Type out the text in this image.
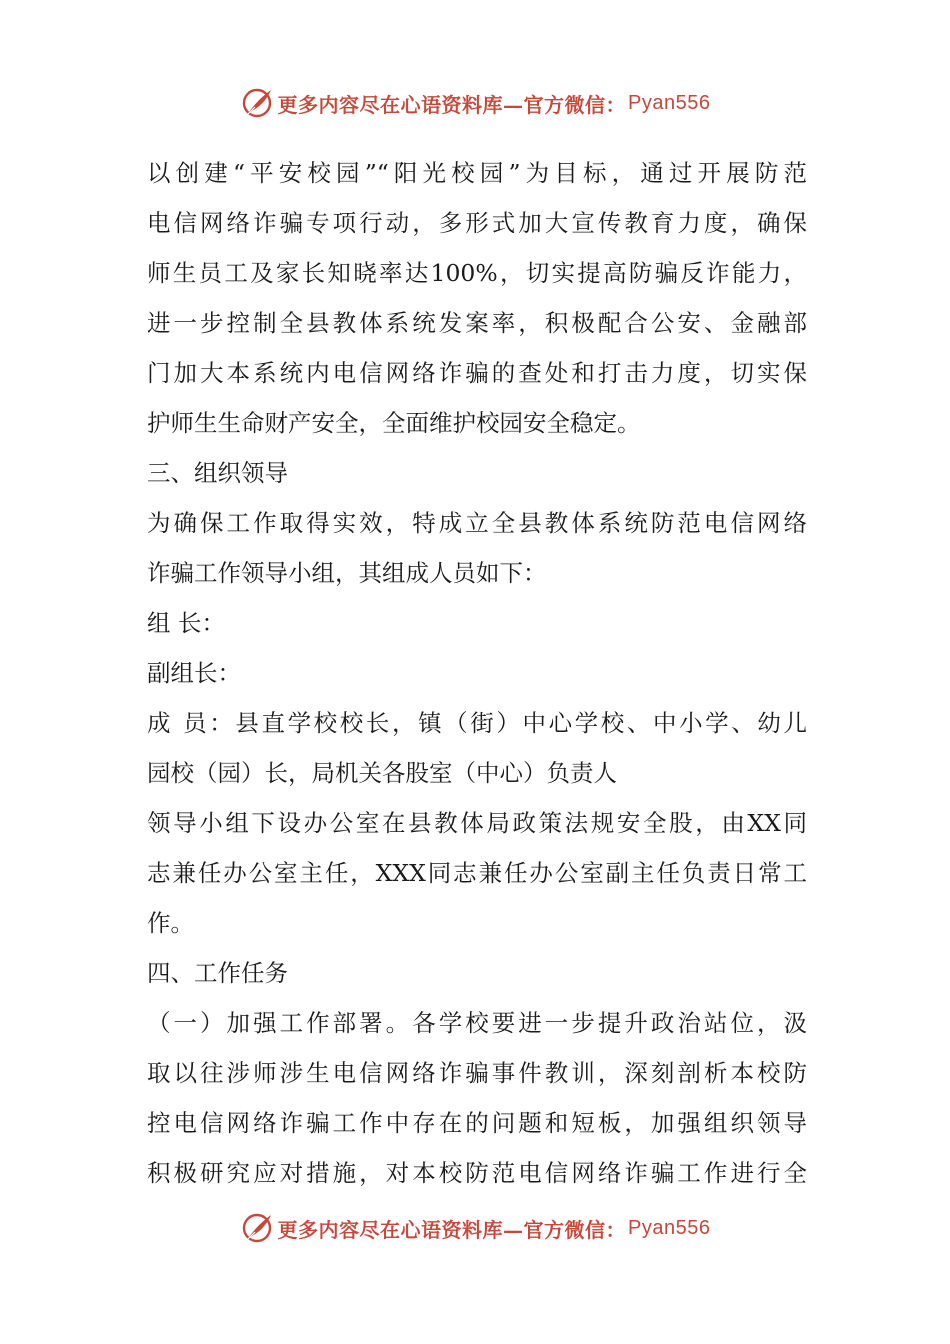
更多内容尽在心语资料库—官方微信： Pyan556
以创建“平安校园”“阳光校园”为目标，通过开展防范
电信网络诈骗专项行动，多形式加大宣传教育力度，确保
师生员工及家长知晓率达100%，切实提高防骗反诈能力，
进一步控制全县教体系统发案率，积极配合公安、金融部
门加大本系统内电信网络诈骗的查处和打击力度，切实保
护师生生命财产安全，全面维护校园安全稳定。
三、组织领导
为确保工作取得实效，特成立全县教体系统防范电信网络
诈骗工作领导小组，其组成人员如下：
组 长：
副组长：
成 员：县直学校校长，镇（街）中心学校、中小学、幼儿
园校（园）长，局机关各股室（中心）负责人
领导小组下设办公室在县教体局政策法规安全股，由XX同
志兼任办公室主任，XXX同志兼任办公室副主任负责日常工
作。
四、工作任务
（一）加强工作部署。各学校要进一步提升政治站位，汲
取以往涉师涉生电信网络诈骗事件教训，深刻剖析本校防
控电信网络诈骗工作中存在的问题和短板，加强组织领导
积极研究应对措施，对本校防范电信网络诈骗工作进行全
更多内容尽在心语资料库—官方微信： Pyan556
